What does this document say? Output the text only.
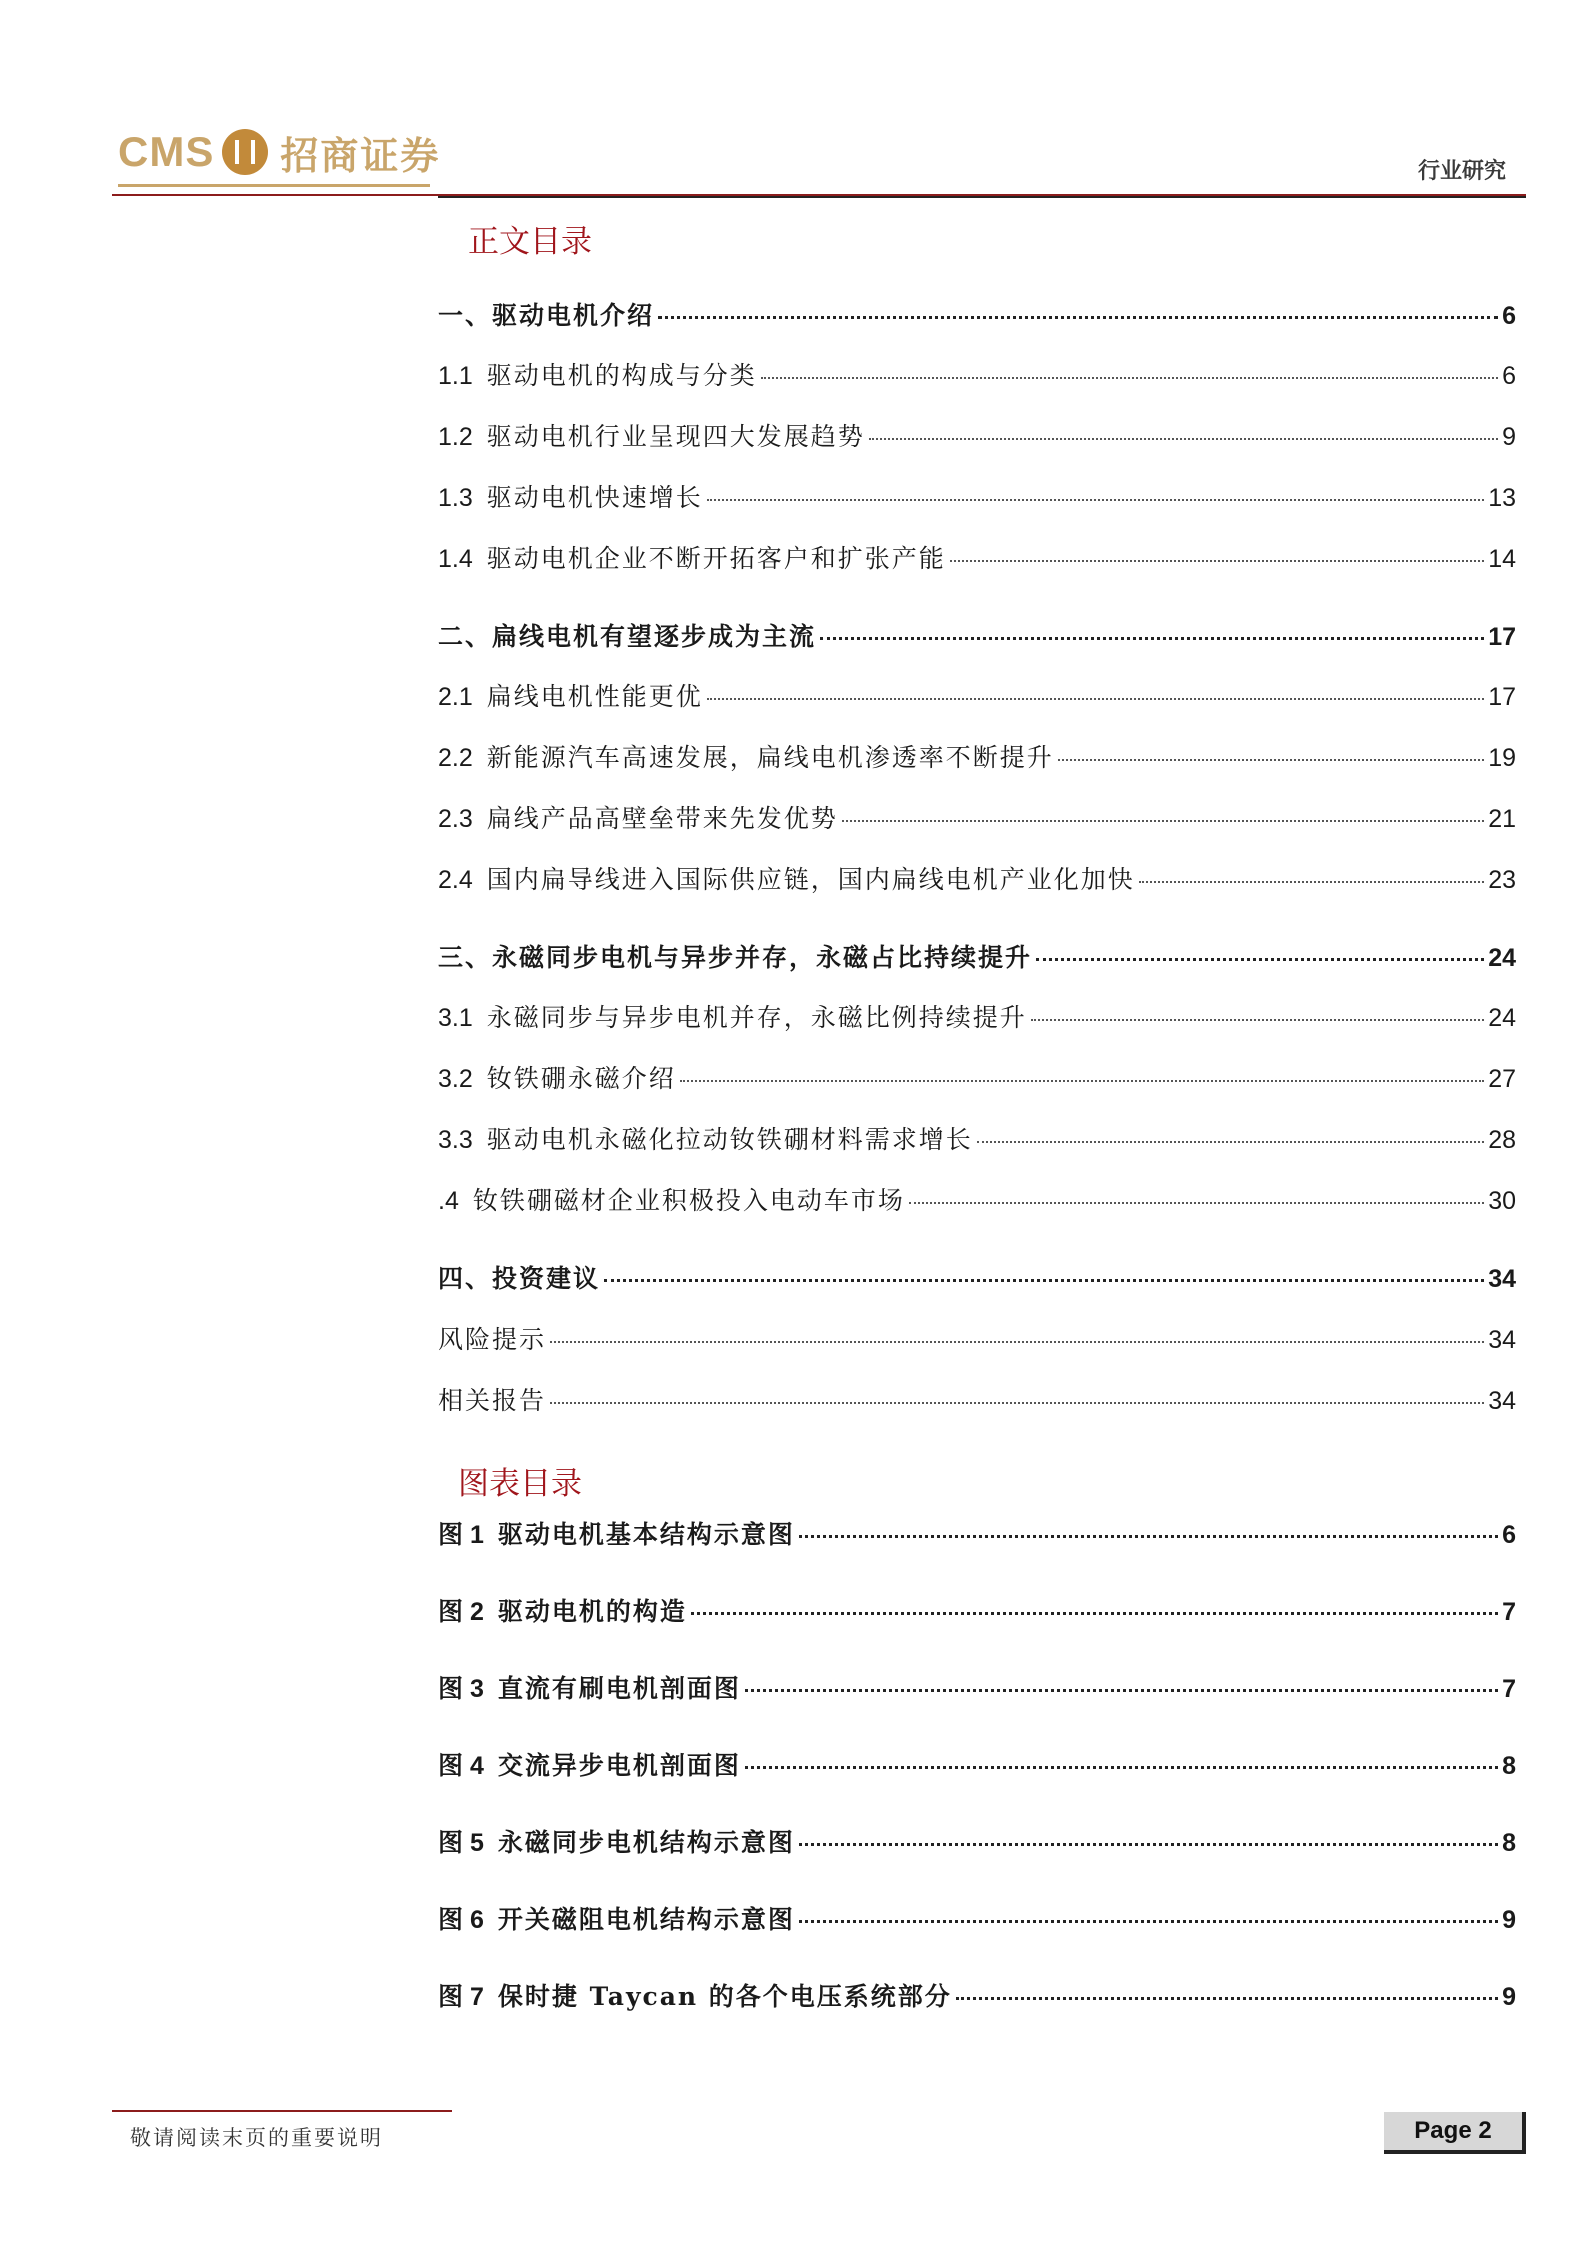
CMS 招商证券	行业研究
正文目录
一、驱动电机介绍	6
1.1 驱动电机的构成与分类	6
1.2 驱动电机行业呈现四大发展趋势	9
1.3 驱动电机快速增长	13
1.4 驱动电机企业不断开拓客户和扩张产能	14
二、扁线电机有望逐步成为主流	17
2.1 扁线电机性能更优	17
2.2 新能源汽车高速发展，扁线电机渗透率不断提升	19
2.3 扁线产品高壁垒带来先发优势	21
2.4 国内扁导线进入国际供应链，国内扁线电机产业化加快	23
三、永磁同步电机与异步并存，永磁占比持续提升	24
3.1 永磁同步与异步电机并存，永磁比例持续提升	24
3.2 钕铁硼永磁介绍	27
3.3 驱动电机永磁化拉动钕铁硼材料需求增长	28
.4 钕铁硼磁材企业积极投入电动车市场	30
四、投资建议	34
风险提示	34
相关报告	34
图表目录
图 1 驱动电机基本结构示意图	6
图 2 驱动电机的构造	7
图 3 直流有刷电机剖面图	7
图 4 交流异步电机剖面图	8
图 5 永磁同步电机结构示意图	8
图 6 开关磁阻电机结构示意图	9
图 7 保时捷 Taycan 的各个电压系统部分	9
敬请阅读末页的重要说明	Page 2
